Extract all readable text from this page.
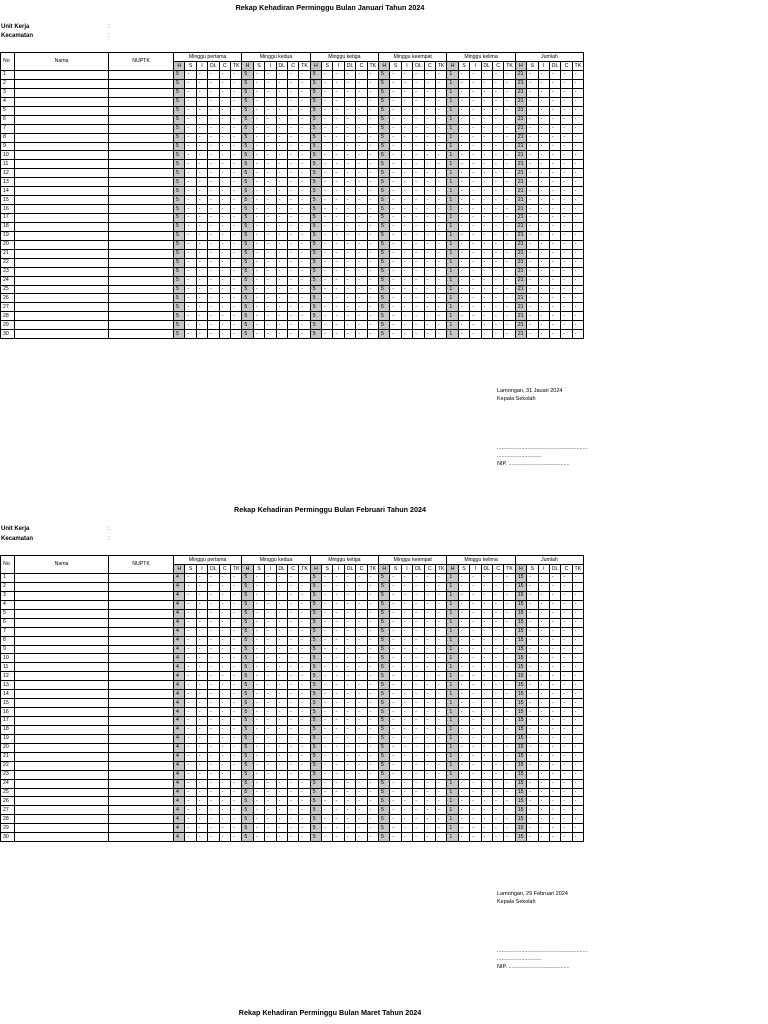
Rekap Kehadiran Perminggu Bulan Januari Tahun 2024
Unit Kerja	:
Kecamatan	:
No	Nama	NUPTK	Minggu pertama						Minggu kedua						Minggu ketiga						Minggu keempat						Minggu kelima						Jumlah					
			H	S	I	DL	C	TK	H	S	I	DL	C	TK	H	S	I	DL	C	TK	H	S	I	DL	C	TK	H	S	I	DL	C	TK	H	S	I	DL	C	TK
1			5	-	-	-	-	-	5	-	-	-	-	-	5	-	-	-	-	-	5	-	-	-	-	-	1	-	-	-	-	-	21	-	-	-	-	-
2			5	-	-	-	-	-	5	-	-	-	-	-	5	-	-	-	-	-	5	-	-	-	-	-	1	-	-	-	-	-	21	-	-	-	-	-
3			5	-	-	-	-	-	5	-	-	-	-	-	5	-	-	-	-	-	5	-	-	-	-	-	1	-	-	-	-	-	21	-	-	-	-	-
4			5	-	-	-	-	-	5	-	-	-	-	-	5	-	-	-	-	-	5	-	-	-	-	-	1	-	-	-	-	-	21	-	-	-	-	-
5			5	-	-	-	-	-	5	-	-	-	-	-	5	-	-	-	-	-	5	-	-	-	-	-	1	-	-	-	-	-	21	-	-	-	-	-
6			5	-	-	-	-	-	5	-	-	-	-	-	5	-	-	-	-	-	5	-	-	-	-	-	1	-	-	-	-	-	21	-	-	-	-	-
7			5	-	-	-	-	-	5	-	-	-	-	-	5	-	-	-	-	-	5	-	-	-	-	-	1	-	-	-	-	-	21	-	-	-	-	-
8			5	-	-	-	-	-	5	-	-	-	-	-	5	-	-	-	-	-	5	-	-	-	-	-	1	-	-	-	-	-	21	-	-	-	-	-
9			5	-	-	-	-	-	5	-	-	-	-	-	5	-	-	-	-	-	5	-	-	-	-	-	1	-	-	-	-	-	21	-	-	-	-	-
10			5	-	-	-	-	-	5	-	-	-	-	-	5	-	-	-	-	-	5	-	-	-	-	-	1	-	-	-	-	-	21	-	-	-	-	-
11			5	-	-	-	-	-	5	-	-	-	-	-	5	-	-	-	-	-	5	-	-	-	-	-	1	-	-	-	-	-	21	-	-	-	-	-
12			5	-	-	-	-	-	5	-	-	-	-	-	5	-	-	-	-	-	5	-	-	-	-	-	1	-	-	-	-	-	21	-	-	-	-	-
13			5	-	-	-	-	-	5	-	-	-	-	-	5	-	-	-	-	-	5	-	-	-	-	-	1	-	-	-	-	-	21	-	-	-	-	-
14			5	-	-	-	-	-	5	-	-	-	-	-	5	-	-	-	-	-	5	-	-	-	-	-	1	-	-	-	-	-	21	-	-	-	-	-
15			5	-	-	-	-	-	5	-	-	-	-	-	5	-	-	-	-	-	5	-	-	-	-	-	1	-	-	-	-	-	21	-	-	-	-	-
16			5	-	-	-	-	-	5	-	-	-	-	-	5	-	-	-	-	-	5	-	-	-	-	-	1	-	-	-	-	-	21	-	-	-	-	-
17			5	-	-	-	-	-	5	-	-	-	-	-	5	-	-	-	-	-	5	-	-	-	-	-	1	-	-	-	-	-	21	-	-	-	-	-
18			5	-	-	-	-	-	5	-	-	-	-	-	5	-	-	-	-	-	5	-	-	-	-	-	1	-	-	-	-	-	21	-	-	-	-	-
19			5	-	-	-	-	-	5	-	-	-	-	-	5	-	-	-	-	-	5	-	-	-	-	-	1	-	-	-	-	-	21	-	-	-	-	-
20			5	-	-	-	-	-	5	-	-	-	-	-	5	-	-	-	-	-	5	-	-	-	-	-	1	-	-	-	-	-	21	-	-	-	-	-
21			5	-	-	-	-	-	5	-	-	-	-	-	5	-	-	-	-	-	5	-	-	-	-	-	1	-	-	-	-	-	21	-	-	-	-	-
22			5	-	-	-	-	-	5	-	-	-	-	-	5	-	-	-	-	-	5	-	-	-	-	-	1	-	-	-	-	-	21	-	-	-	-	-
23			5	-	-	-	-	-	5	-	-	-	-	-	5	-	-	-	-	-	5	-	-	-	-	-	1	-	-	-	-	-	21	-	-	-	-	-
24			5	-	-	-	-	-	5	-	-	-	-	-	5	-	-	-	-	-	5	-	-	-	-	-	1	-	-	-	-	-	21	-	-	-	-	-
25			5	-	-	-	-	-	5	-	-	-	-	-	5	-	-	-	-	-	5	-	-	-	-	-	1	-	-	-	-	-	21	-	-	-	-	-
26			5	-	-	-	-	-	5	-	-	-	-	-	5	-	-	-	-	-	5	-	-	-	-	-	1	-	-	-	-	-	21	-	-	-	-	-
27			5	-	-	-	-	-	5	-	-	-	-	-	5	-	-	-	-	-	5	-	-	-	-	-	1	-	-	-	-	-	21	-	-	-	-	-
28			5	-	-	-	-	-	5	-	-	-	-	-	5	-	-	-	-	-	5	-	-	-	-	-	1	-	-	-	-	-	21	-	-	-	-	-
29			5	-	-	-	-	-	5	-	-	-	-	-	5	-	-	-	-	-	5	-	-	-	-	-	1	-	-	-	-	-	21	-	-	-	-	-
30			5	-	-	-	-	-	5	-	-	-	-	-	5	-	-	-	-	-	5	-	-	-	-	-	1	-	-	-	-	-	21	-	-	-	-	-
Lamongan, 31 Jauari 2024
Kepala Sekolah
...........................................................
.............................
NIP. ........................................
Rekap Kehadiran Perminggu Bulan Februari Tahun 2024
Unit Kerja	:
Kecamatan	:
No	Nama	NUPTK	Minggu pertama						Minggu kedua						Minggu ketiga						Minggu keempat						Minggu kelima						Jumlah					
			H	S	I	DL	C	TK	H	S	I	DL	C	TK	H	S	I	DL	C	TK	H	S	I	DL	C	TK	H	S	I	DL	C	TK	H	S	I	DL	C	TK
1			4	-	-	-	-	-	5	-	-	-	-	-	5	-	-	-	-	-	5	-	-	-	-	-	1	-	-	-	-	-	15	-	-	-	-	-
2			4	-	-	-	-	-	5	-	-	-	-	-	5	-	-	-	-	-	5	-	-	-	-	-	1	-	-	-	-	-	15	-	-	-	-	-
3			4	-	-	-	-	-	5	-	-	-	-	-	5	-	-	-	-	-	5	-	-	-	-	-	1	-	-	-	-	-	15	-	-	-	-	-
4			4	-	-	-	-	-	5	-	-	-	-	-	5	-	-	-	-	-	5	-	-	-	-	-	1	-	-	-	-	-	15	-	-	-	-	-
5			4	-	-	-	-	-	5	-	-	-	-	-	5	-	-	-	-	-	5	-	-	-	-	-	1	-	-	-	-	-	15	-	-	-	-	-
6			4	-	-	-	-	-	5	-	-	-	-	-	5	-	-	-	-	-	5	-	-	-	-	-	1	-	-	-	-	-	15	-	-	-	-	-
7			4	-	-	-	-	-	5	-	-	-	-	-	5	-	-	-	-	-	5	-	-	-	-	-	1	-	-	-	-	-	15	-	-	-	-	-
8			4	-	-	-	-	-	5	-	-	-	-	-	5	-	-	-	-	-	5	-	-	-	-	-	1	-	-	-	-	-	15	-	-	-	-	-
9			4	-	-	-	-	-	5	-	-	-	-	-	5	-	-	-	-	-	5	-	-	-	-	-	1	-	-	-	-	-	15	-	-	-	-	-
10			4	-	-	-	-	-	5	-	-	-	-	-	5	-	-	-	-	-	5	-	-	-	-	-	1	-	-	-	-	-	15	-	-	-	-	-
11			4	-	-	-	-	-	5	-	-	-	-	-	5	-	-	-	-	-	5	-	-	-	-	-	1	-	-	-	-	-	15	-	-	-	-	-
12			4	-	-	-	-	-	5	-	-	-	-	-	5	-	-	-	-	-	5	-	-	-	-	-	1	-	-	-	-	-	15	-	-	-	-	-
13			4	-	-	-	-	-	5	-	-	-	-	-	5	-	-	-	-	-	5	-	-	-	-	-	1	-	-	-	-	-	15	-	-	-	-	-
14			4	-	-	-	-	-	5	-	-	-	-	-	5	-	-	-	-	-	5	-	-	-	-	-	1	-	-	-	-	-	15	-	-	-	-	-
15			4	-	-	-	-	-	5	-	-	-	-	-	5	-	-	-	-	-	5	-	-	-	-	-	1	-	-	-	-	-	15	-	-	-	-	-
16			4	-	-	-	-	-	5	-	-	-	-	-	5	-	-	-	-	-	5	-	-	-	-	-	1	-	-	-	-	-	15	-	-	-	-	-
17			4	-	-	-	-	-	5	-	-	-	-	-	5	-	-	-	-	-	5	-	-	-	-	-	1	-	-	-	-	-	15	-	-	-	-	-
18			4	-	-	-	-	-	5	-	-	-	-	-	5	-	-	-	-	-	5	-	-	-	-	-	1	-	-	-	-	-	15	-	-	-	-	-
19			4	-	-	-	-	-	5	-	-	-	-	-	5	-	-	-	-	-	5	-	-	-	-	-	1	-	-	-	-	-	15	-	-	-	-	-
20			4	-	-	-	-	-	5	-	-	-	-	-	5	-	-	-	-	-	5	-	-	-	-	-	1	-	-	-	-	-	15	-	-	-	-	-
21			4	-	-	-	-	-	5	-	-	-	-	-	5	-	-	-	-	-	5	-	-	-	-	-	1	-	-	-	-	-	15	-	-	-	-	-
22			4	-	-	-	-	-	5	-	-	-	-	-	5	-	-	-	-	-	5	-	-	-	-	-	1	-	-	-	-	-	15	-	-	-	-	-
23			4	-	-	-	-	-	5	-	-	-	-	-	5	-	-	-	-	-	5	-	-	-	-	-	1	-	-	-	-	-	15	-	-	-	-	-
24			4	-	-	-	-	-	5	-	-	-	-	-	5	-	-	-	-	-	5	-	-	-	-	-	1	-	-	-	-	-	15	-	-	-	-	-
25			4	-	-	-	-	-	5	-	-	-	-	-	5	-	-	-	-	-	5	-	-	-	-	-	1	-	-	-	-	-	15	-	-	-	-	-
26			4	-	-	-	-	-	5	-	-	-	-	-	5	-	-	-	-	-	5	-	-	-	-	-	1	-	-	-	-	-	15	-	-	-	-	-
27			4	-	-	-	-	-	5	-	-	-	-	-	5	-	-	-	-	-	5	-	-	-	-	-	1	-	-	-	-	-	15	-	-	-	-	-
28			4	-	-	-	-	-	5	-	-	-	-	-	5	-	-	-	-	-	5	-	-	-	-	-	1	-	-	-	-	-	15	-	-	-	-	-
29			4	-	-	-	-	-	5	-	-	-	-	-	5	-	-	-	-	-	5	-	-	-	-	-	1	-	-	-	-	-	15	-	-	-	-	-
30			4	-	-	-	-	-	5	-	-	-	-	-	5	-	-	-	-	-	5	-	-	-	-	-	1	-	-	-	-	-	15	-	-	-	-	-
Lamongan, 29 Februari 2024
Kepala Sekolah
...........................................................
.............................
NIP. ........................................
Rekap Kehadiran Perminggu Bulan Maret Tahun 2024
